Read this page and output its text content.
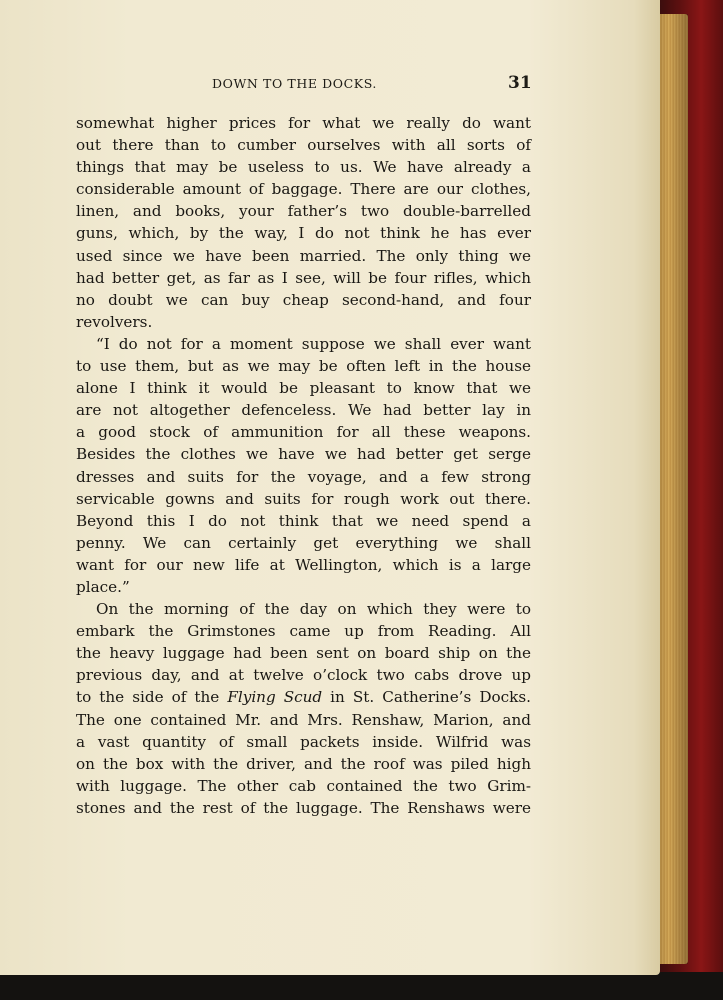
DOWN TO THE DOCKS.	31
somewhat higher prices for what we really do want
out there than to cumber ourselves with all sorts of
things that may be useless to us. We have already a
considerable amount of baggage. There are our clothes,
linen, and books, your father’s two double-barrelled
guns, which, by the way, I do not think he has ever
used since we have been married. The only thing we
had better get, as far as I see, will be four rifles, which
no doubt we can buy cheap second-hand, and four
revolvers.
“I do not for a moment suppose we shall ever want
to use them, but as we may be often left in the house
alone I think it would be pleasant to know that we
are not altogether defenceless. We had better lay in
a good stock of ammunition for all these weapons.
Besides the clothes we have we had better get serge
dresses and suits for the voyage, and a few strong
servicable gowns and suits for rough work out there.
Beyond this I do not think that we need spend a
penny. We can certainly get everything we shall
want for our new life at Wellington, which is a large
place.”
On the morning of the day on which they were to
embark the Grimstones came up from Reading. All
the heavy luggage had been sent on board ship on the
previous day, and at twelve o’clock two cabs drove up
to the side of the Flying Scud in St. Catherine’s Docks.
The one contained Mr. and Mrs. Renshaw, Marion, and
a vast quantity of small packets inside. Wilfrid was
on the box with the driver, and the roof was piled high
with luggage. The other cab contained the two Grim-
stones and the rest of the luggage. The Renshaws were
